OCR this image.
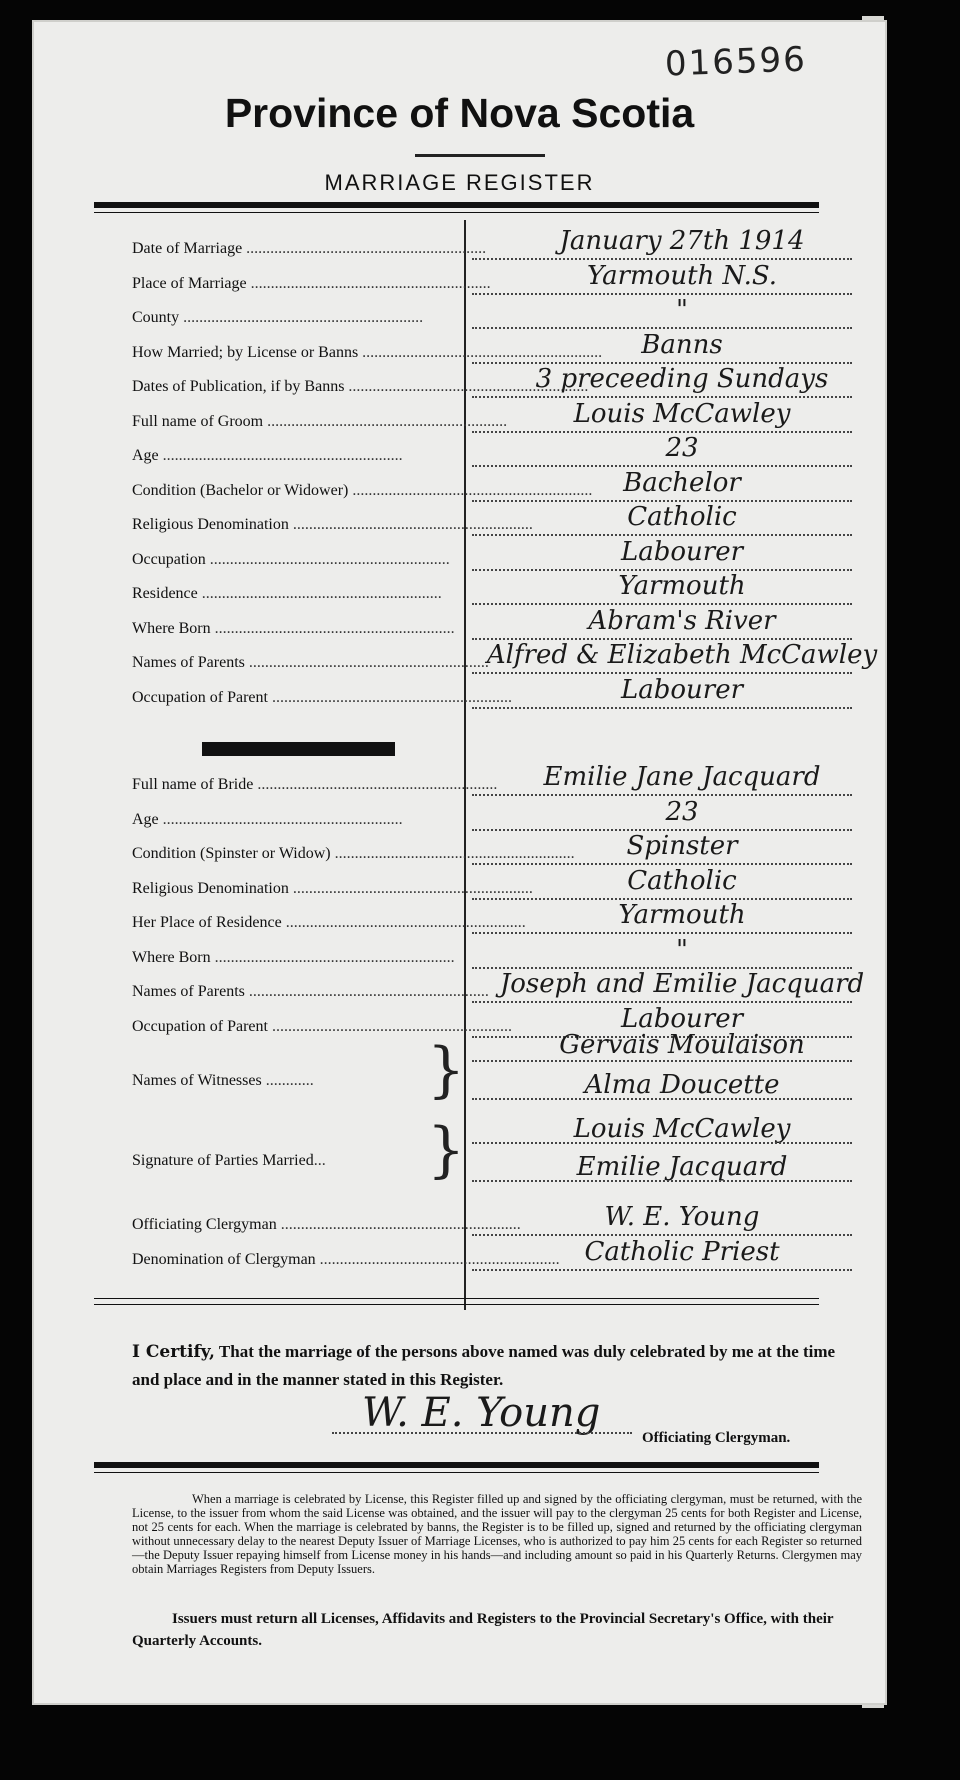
016596
Province of Nova Scotia
MARRIAGE REGISTER
Date of Marriage ............................................................	January 27th 1914
Place of Marriage ............................................................	Yarmouth N.S.
County ............................................................	"
How Married; by License or Banns ............................................................	Banns
Dates of Publication, if by Banns ............................................................
3 preceeding Sundays
Full name of Groom ............................................................	Louis McCawley
Age ............................................................	23
Condition (Bachelor or Widower) ............................................................	Bachelor
Religious Denomination ............................................................	Catholic
Occupation ............................................................	Labourer
Residence ............................................................	Yarmouth
Where Born ............................................................	Abram's River
Names of Parents ............................................................
Alfred & Elizabeth McCawley
Occupation of Parent ............................................................	Labourer
Full name of Bride ............................................................	Emilie Jane Jacquard
Age ............................................................	23
Condition (Spinster or Widow) ............................................................	Spinster
Religious Denomination ............................................................	Catholic
Her Place of Residence ............................................................	Yarmouth
Where Born ............................................................	"
Names of Parents ............................................................ Joseph and Emilie Jacquard
Occupation of Parent ............................................................	Labourer
Names of Witnesses ............	}	Gervais Moulaison
Alma Doucette
Signature of Parties Married...	}	Louis McCawley
Emilie Jacquard
Officiating Clergyman ............................................................	W. E. Young
Denomination of Clergyman ............................................................ Catholic Priest
I Certify, That the marriage of the persons above named was duly celebrated by me at the time and place and in the manner stated in this Register.
W. E. Young
Officiating Clergyman.
When a marriage is celebrated by License, this Register filled up and signed by the officiating clergyman, must be returned, with the License, to the issuer from whom the said License was obtained, and the issuer will pay to the clergyman 25 cents for both Register and License, not 25 cents for each. When the marriage is celebrated by banns, the Register is to be filled up, signed and returned by the officiating clergyman without unnecessary delay to the nearest Deputy Issuer of Marriage Licenses, who is authorized to pay him 25 cents for each Register so returned—the Deputy Issuer repaying himself from License money in his hands—and including amount so paid in his Quarterly Returns. Clergymen may obtain Marriages Registers from Deputy Issuers.
Issuers must return all Licenses, Affidavits and Registers to the Provincial Secretary's Office, with their Quarterly Accounts.
